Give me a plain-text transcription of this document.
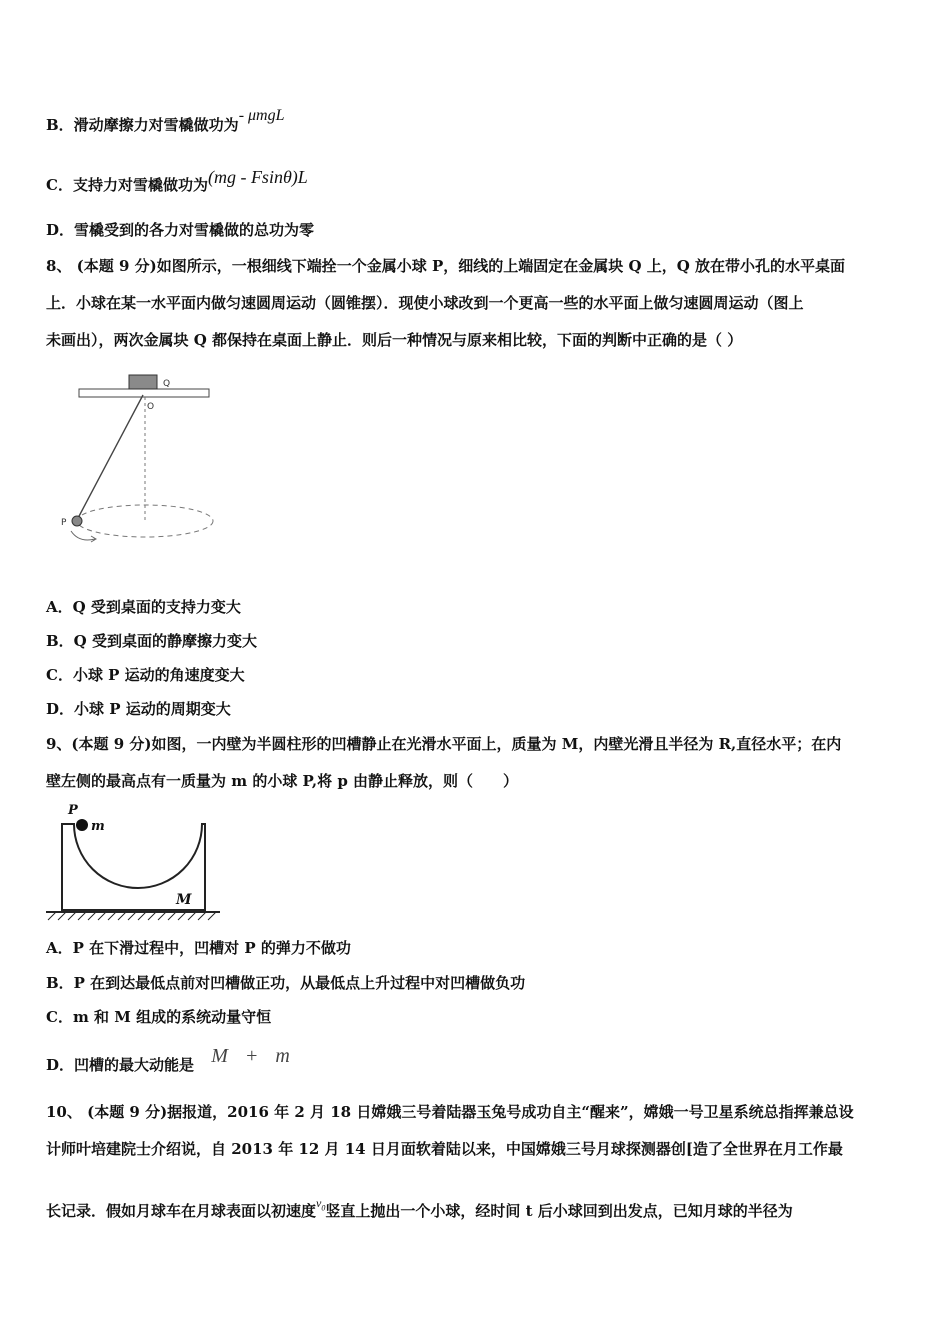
B．滑动摩擦力对雪橇做功为- μmgL
C．支持力对雪橇做功为(mg - Fsinθ)L
D．雪橇受到的各力对雪橇做的总功为零
8、 (本题 9 分)如图所示，一根细线下端拴一个金属小球 P，细线的上端固定在金属块 Q 上，Q 放在带小孔的水平桌面
上．小球在某一水平面内做匀速圆周运动（圆锥摆）．现使小球改到一个更高一些的水平面上做匀速圆周运动（图上
未画出），两次金属块 Q 都保持在桌面上静止．则后一种情况与原来相比较，下面的判断中正确的是（ ）
Q
O
P
A．Q 受到桌面的支持力变大
B．Q 受到桌面的静摩擦力变大
C．小球 P 运动的角速度变大
D．小球 P 运动的周期变大
9、(本题 9 分)如图，一内壁为半圆柱形的凹槽静止在光滑水平面上，质量为 M，内壁光滑且半径为 R,直径水平；在内
壁左侧的最高点有一质量为 m 的小球 P,将 p 由静止释放，则（　　）
P
m
M
A．P 在下滑过程中，凹槽对 P 的弹力不做功
B．P 在到达最低点前对凹槽做正功，从最低点上升过程中对凹槽做负功
C．m 和 M 组成的系统动量守恒
D．凹槽的最大动能是 M + m
10、 (本题 9 分)据报道，2016 年 2 月 18 日嫦娥三号着陆器玉兔号成功自主“醒来”，嫦娥一号卫星系统总指挥兼总设
计师叶培建院士介绍说，自 2013 年 12 月 14 日月面软着陆以来，中国嫦娥三号月球探测器创[造了全世界在月工作最
长记录．假如月球车在月球表面以初速度$^{v_0}$竖直上抛出一个小球，经时间 t 后小球回到出发点，已知月球的半径为
